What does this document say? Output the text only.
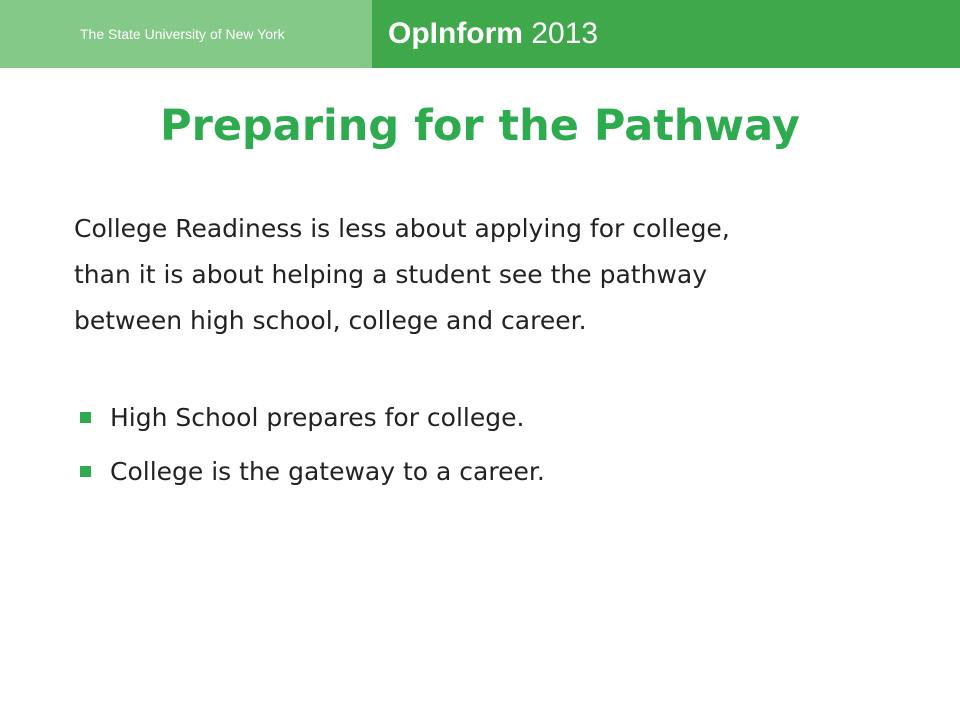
The State University of New York	OpInform 2013
Preparing for the Pathway
College Readiness is less about applying for college,
than it is about helping a student see the pathway
between high school, college and career.
High School prepares for college.
College is the gateway to a career.
